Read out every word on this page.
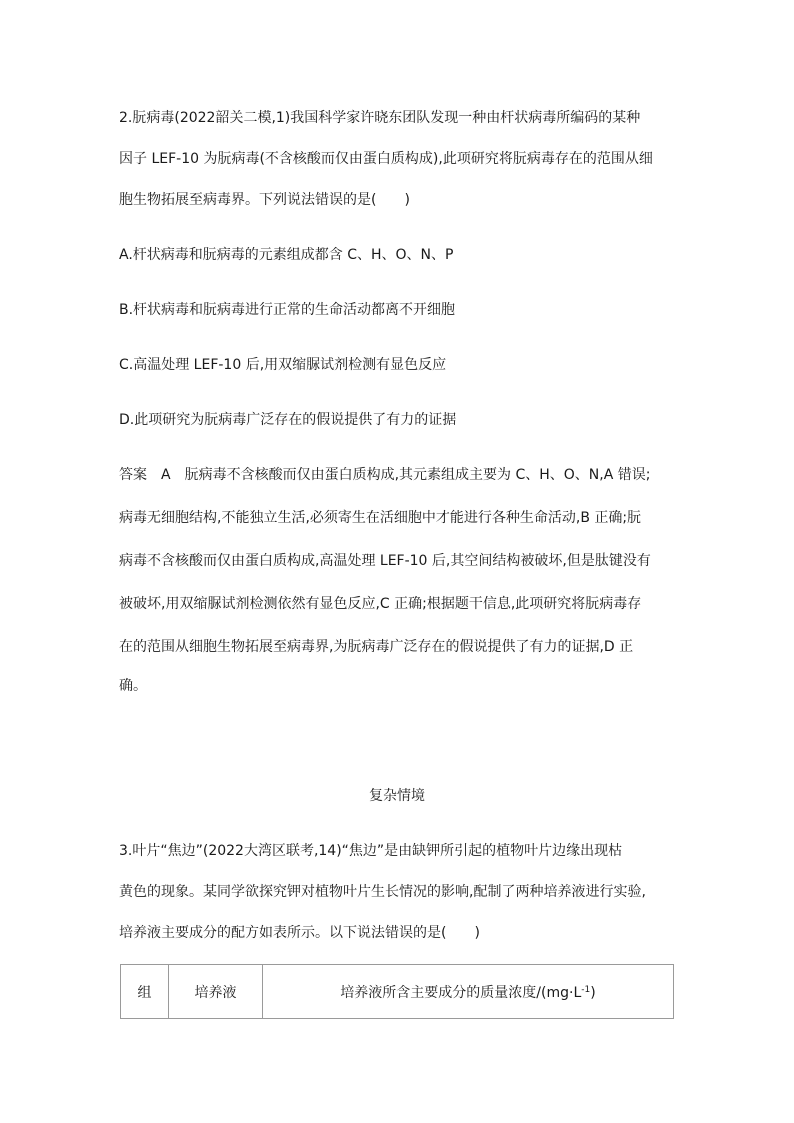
2.朊病毒(2022韶关二模,1)我国科学家许晓东团队发现一种由杆状病毒所编码的某种
因子 LEF-10 为朊病毒(不含核酸而仅由蛋白质构成),此项研究将朊病毒存在的范围从细
胞生物拓展至病毒界。下列说法错误的是(　　)
A.杆状病毒和朊病毒的元素组成都含 C、H、O、N、P
B.杆状病毒和朊病毒进行正常的生命活动都离不开细胞
C.高温处理 LEF-10 后,用双缩脲试剂检测有显色反应
D.此项研究为朊病毒广泛存在的假说提供了有力的证据
答案　A　朊病毒不含核酸而仅由蛋白质构成,其元素组成主要为 C、H、O、N,A 错误;
病毒无细胞结构,不能独立生活,必须寄生在活细胞中才能进行各种生命活动,B 正确;朊
病毒不含核酸而仅由蛋白质构成,高温处理 LEF-10 后,其空间结构被破坏,但是肽键没有
被破坏,用双缩脲试剂检测依然有显色反应,C 正确;根据题干信息,此项研究将朊病毒存
在的范围从细胞生物拓展至病毒界,为朊病毒广泛存在的假说提供了有力的证据,D 正
确。
复杂情境
3.叶片“焦边”(2022大湾区联考,14)“焦边”是由缺钾所引起的植物叶片边缘出现枯
黄色的现象。某同学欲探究钾对植物叶片生长情况的影响,配制了两种培养液进行实验,
培养液主要成分的配方如表所示。以下说法错误的是(　　)
组	培养液	培养液所含主要成分的质量浓度$/(mg\cdot L^{-1})$
